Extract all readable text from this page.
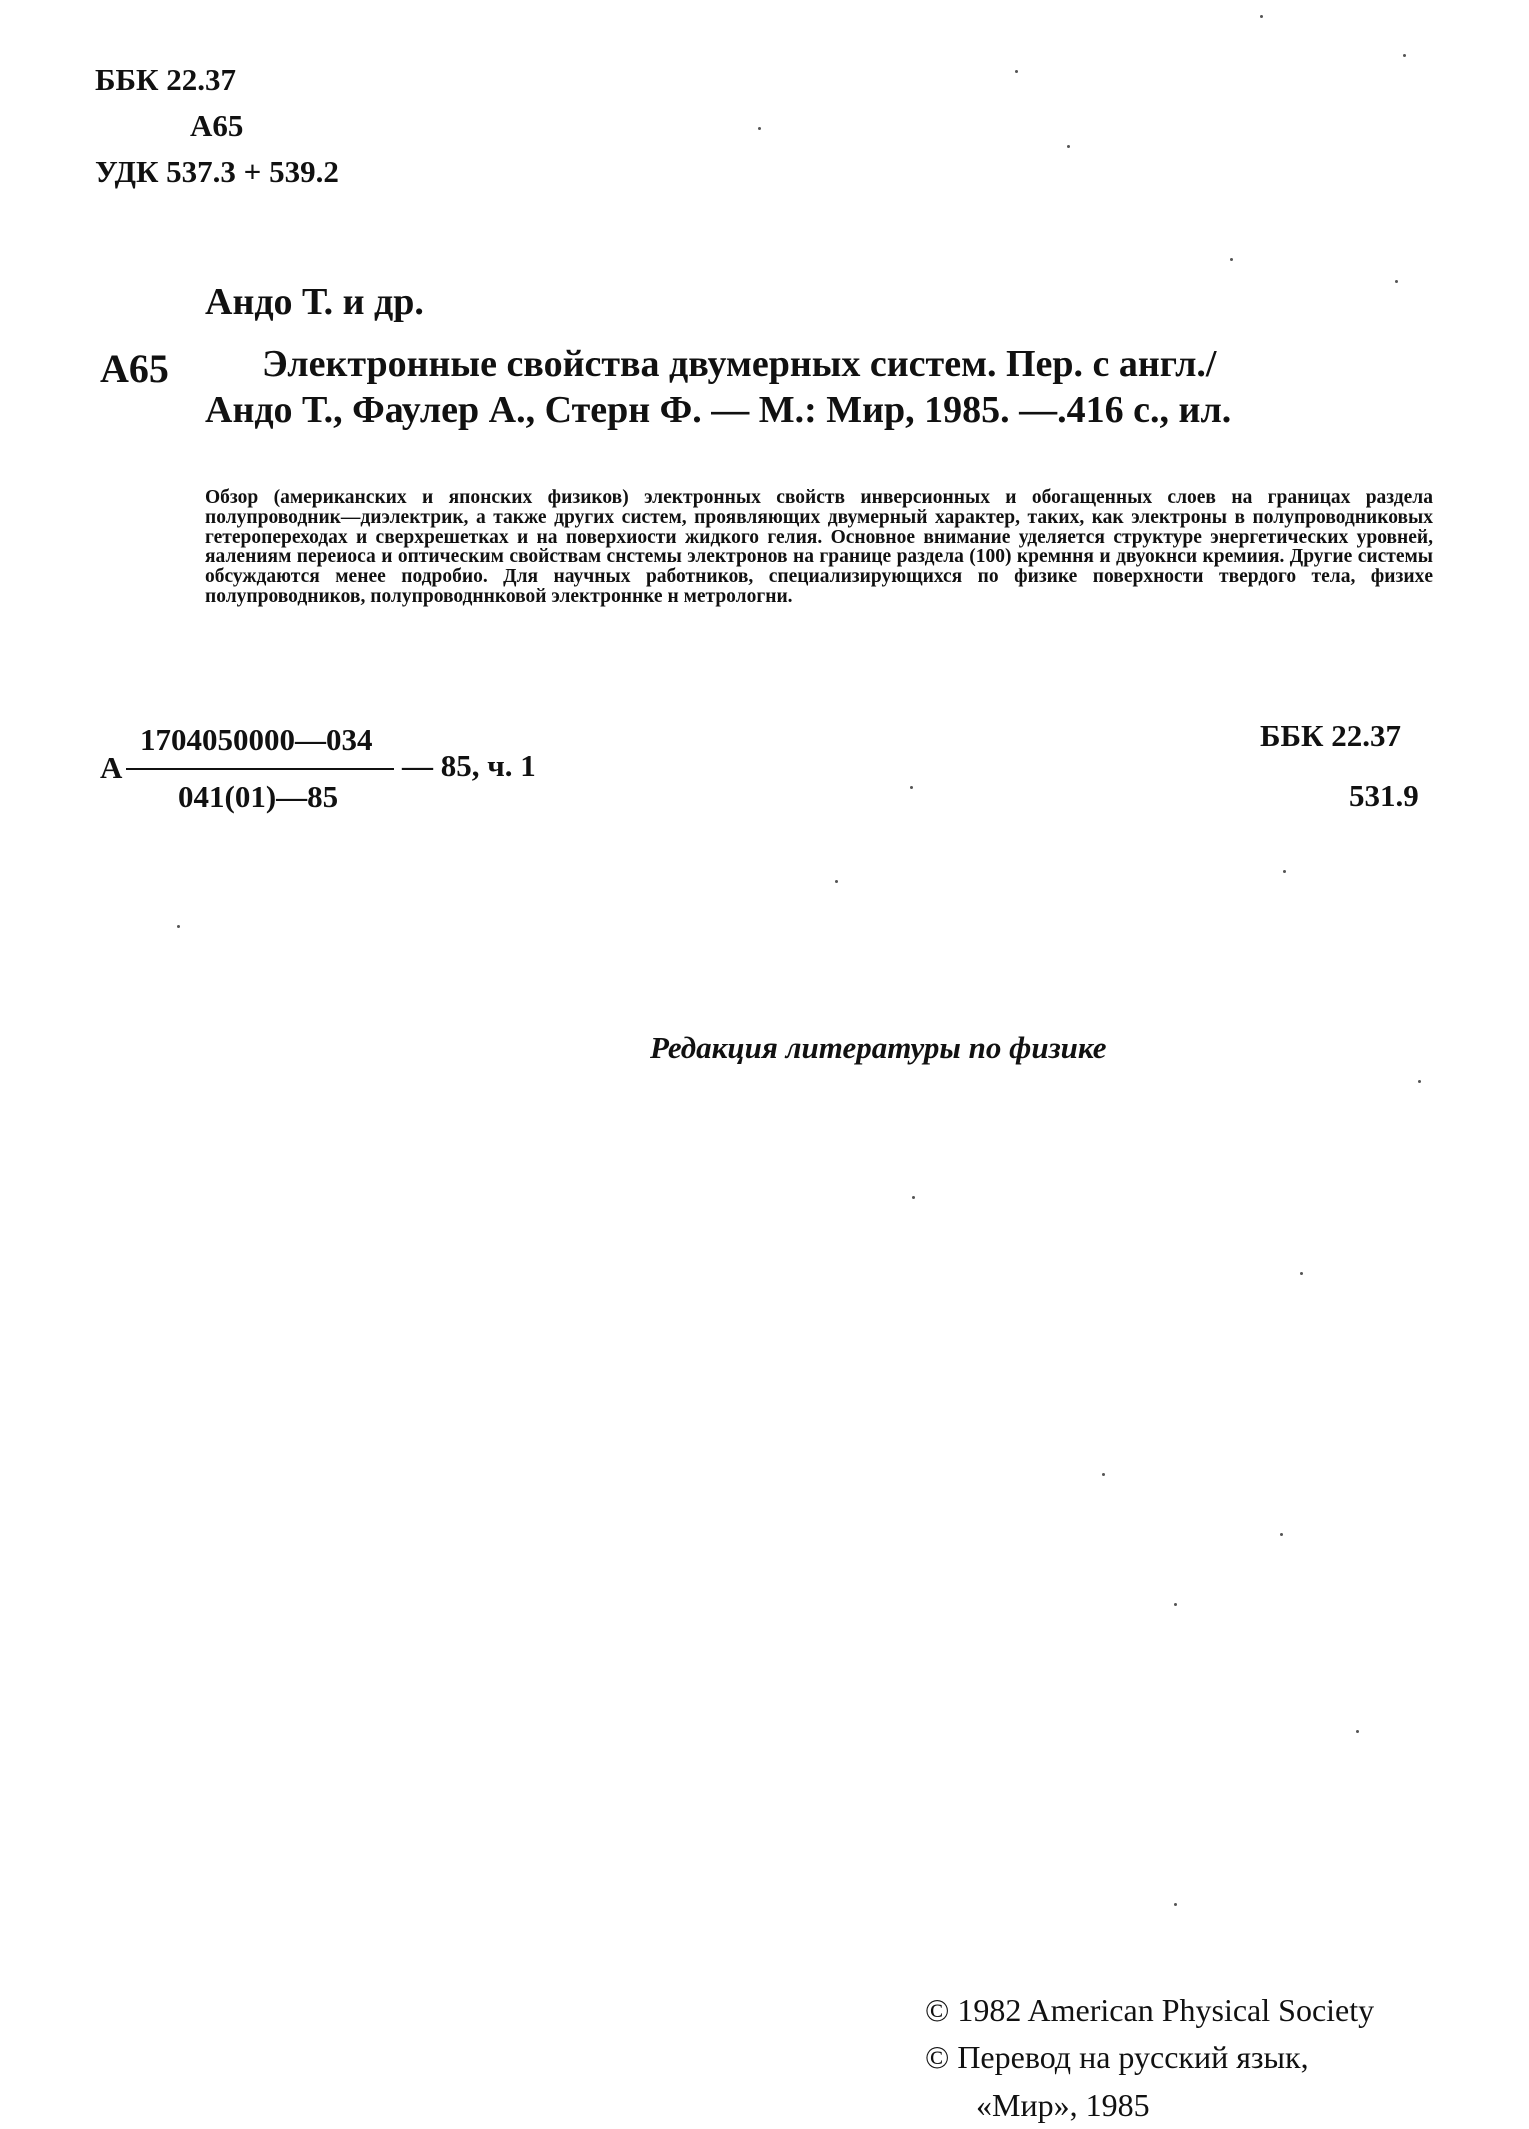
ББК 22.37
А65
УДК 537.3 + 539.2
Андо Т. и др.
А65 Электронные свойства двумерных систем. Пер. с англ./
Андо Т., Фаулер А., Стерн Ф. — М.: Мир, 1985. —.416 с., ил.
Обзор (американских и японских физиков) электронных свойств инверсионных и обогащенных слоев на границах раздела полупроводник—диэлектрик, а также других систем, проявляющих двумерный характер, таких, как электроны в полупроводниковых гетеропереходах и сверхрешетках и на поверхиости жидкого гелия. Основное внимание уделяется структуре энергетических уровней, яалениям переиоса и оптическим свойствам снстемы электронов на границе раздела (100) кремння и двуокнси кремиия. Другие системы обсуждаются менее подробио. Для научных работников, специализирующихся по физике поверхности твердого тела, физиxе полупроводников, полупроводннковой электроннке н метрологни.
А
1704050000—034
041(01)—85
— 85, ч. 1
ББК 22.37
531.9
Редакция литературы по физике
© 1982 American Physical Society
© Перевод на русский язык,
«Мир», 1985
